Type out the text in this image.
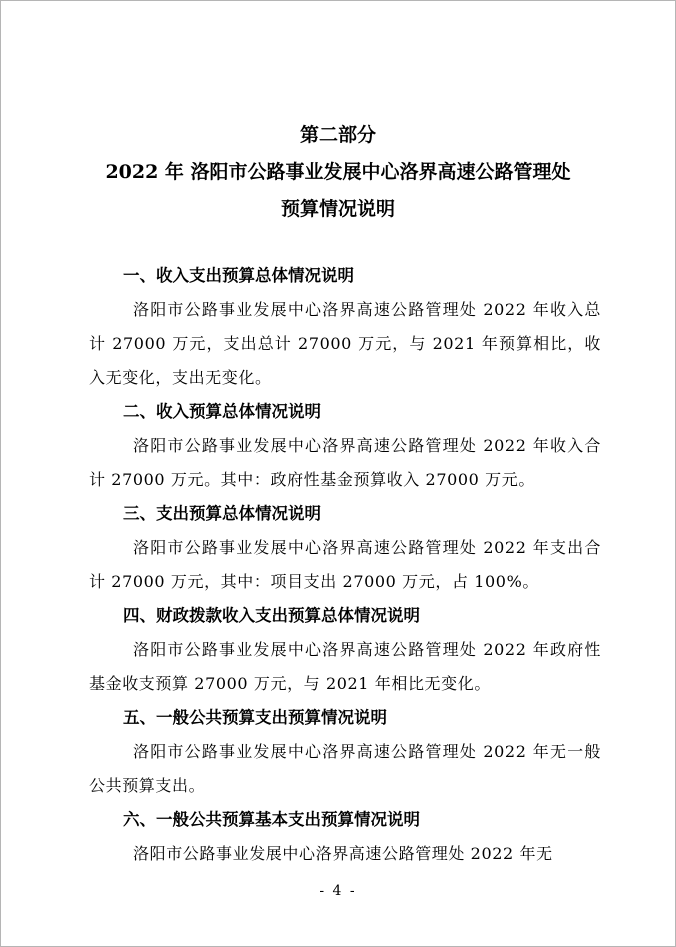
第二部分
2022 年 洛阳市公路事业发展中心洛界高速公路管理处
预算情况说明

一、收入支出预算总体情况说明

洛阳市公路事业发展中心洛界高速公路管理处 2022 年收入总计 27000 万元，支出总计 27000 万元，与 2021 年预算相比，收入无变化，支出无变化。

二、收入预算总体情况说明

洛阳市公路事业发展中心洛界高速公路管理处 2022 年收入合计 27000 万元。其中：政府性基金预算收入 27000 万元。

三、支出预算总体情况说明

洛阳市公路事业发展中心洛界高速公路管理处 2022 年支出合计 27000 万元，其中：项目支出 27000 万元，占 100%。

四、财政拨款收入支出预算总体情况说明

洛阳市公路事业发展中心洛界高速公路管理处 2022 年政府性基金收支预算 27000 万元，与 2021 年相比无变化。

五、一般公共预算支出预算情况说明

洛阳市公路事业发展中心洛界高速公路管理处 2022 年无一般公共预算支出。

六、一般公共预算基本支出预算情况说明

洛阳市公路事业发展中心洛界高速公路管理处 2022 年无

- 4 -
